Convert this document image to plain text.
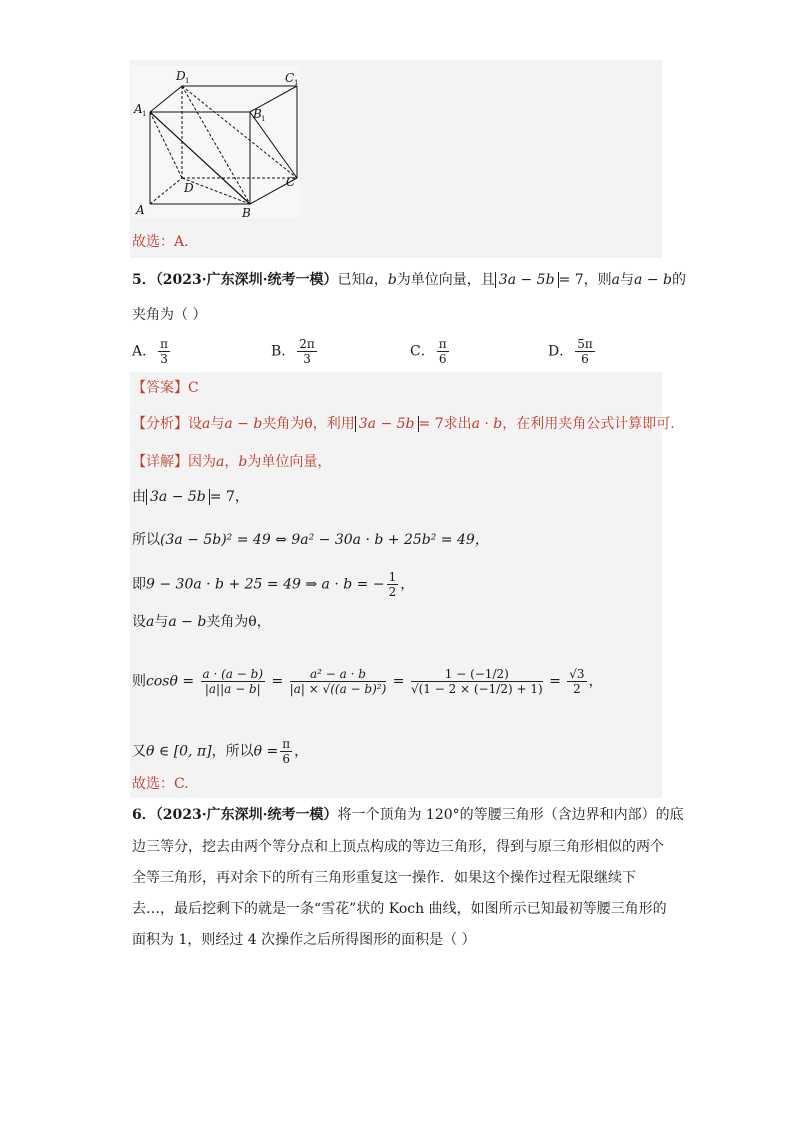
D 1	C 1
A 1	B 1
D	C
A	B
故选：A.
5．（2023·广东深圳·统考一模）已知a，b为单位向量，且 3a − 5b = 7，则a与a − b的
夹角为（ ）
A． $\frac{\pi}{3}$	B． $\frac{2\pi}{3}$	C． $\frac{\pi}{6}$	D． $\frac{5\pi}{6}$
【答案】C
【分析】设a与a − b夹角为θ，利用 3a − 5b = 7求出a · b，在利用夹角公式计算即可.
【详解】因为a，b为单位向量，
由 3a − 5b = 7，
所以(3a − 5b)² = 49 ⇔ 9a² − 30a · b + 25b² = 49，
即9 − 30a · b + 25 = 49 ⇒ a · b = − $\frac{1}{2}$ ，
设a与a − b夹角为θ，
则$\cos\theta = \frac{a \cdot (a - b)}{|a||a - b|} = \frac{\text{a² − a · b}}{\text{|a| × √((a − b)²)}} = \frac{1 - (-1/2)}{√(1 - 2 \times (-1/2) + 1)} = \frac{√3}{2}$ ，
又θ ∈ [0, π]，所以$\theta = \frac{\pi}{6}$ ，
故选：C.
6．（2023·广东深圳·统考一模）将一个顶角为 120°的等腰三角形（含边界和内部）的底
边三等分，挖去由两个等分点和上顶点构成的等边三角形，得到与原三角形相似的两个
全等三角形，再对余下的所有三角形重复这一操作．如果这个操作过程无限继续下
去…，最后挖剩下的就是一条“雪花”状的 Koch 曲线，如图所示已知最初等腰三角形的
面积为 1，则经过 4 次操作之后所得图形的面积是（ ）
